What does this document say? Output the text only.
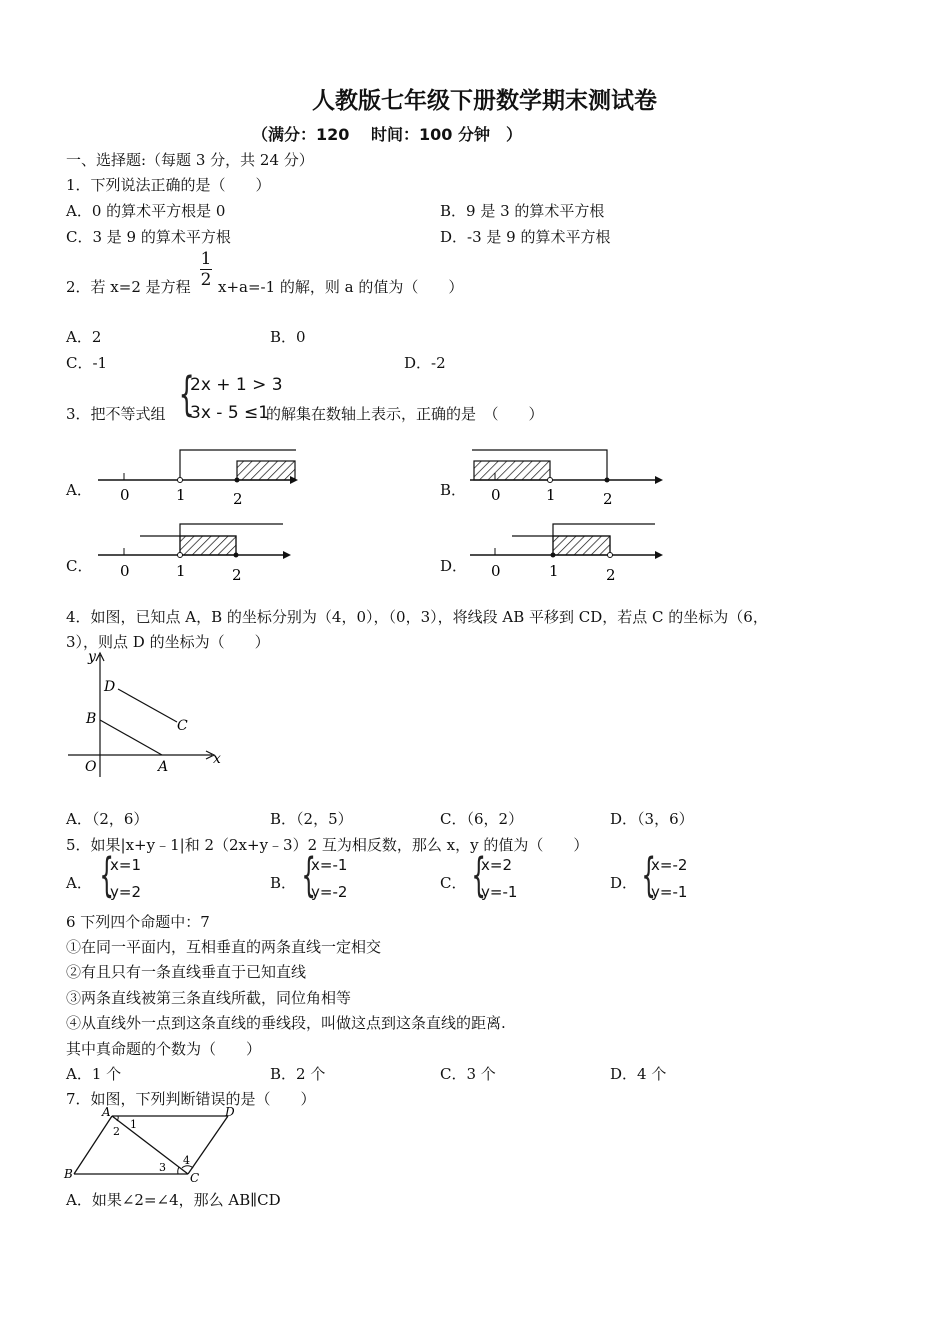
人教版七年级下册数学期末测试卷
（满分：120　 时间：100 分钟　）
一、选择题:（每题 3 分，共 24 分）
1．下列说法正确的是（　　）
A．0 的算术平方根是 0	B．9 是 3 的算术平方根
C．3 是 9 的算术平方根	D．-3 是 9 的算术平方根
2．若 x=2 是方程
1
2 x+a=-1 的解，则 a 的值为（　　）
A．2	B．0
C．-1	D．-2
3．把不等式组 {
2x + 1 > 3
3x - 5 ≤1
的解集在数轴上表示，正确的是　（　　）
0	1	2	0	1	2
0	1	2	0	1	2
A．	B．
C．	D．
4．如图，已知点 A，B 的坐标分别为（4，0），（0，3），将线段 AB 平移到 CD，若点 C 的坐标为（6，
3），则点 D 的坐标为（　　）
y
x
O	A
B	C
D
A．（2，6）	B．（2，5）	C．（6，2）	D．（3，6）
5．如果|x+y﹣1|和 2（2x+y﹣3）2 互为相反数，那么 x，y 的值为（　　）
A． {
x=1
y=2	B． {
x=-1
y=-2	C． {
x=2
y=-1	D． {
x=-2
y=-1
6 下列四个命题中：7
①在同一平面内，互相垂直的两条直线一定相交
②有且只有一条直线垂直于已知直线
③两条直线被第三条直线所截，同位角相等
④从直线外一点到这条直线的垂线段，叫做这点到这条直线的距离.
其中真命题的个数为（　　）
A．1 个	B．2 个	C．3 个	D．4 个
7．如图，下列判断错误的是（　　）
A
B	C
D
1
2
3
4
A．如果∠2=∠4，那么 AB∥CD
